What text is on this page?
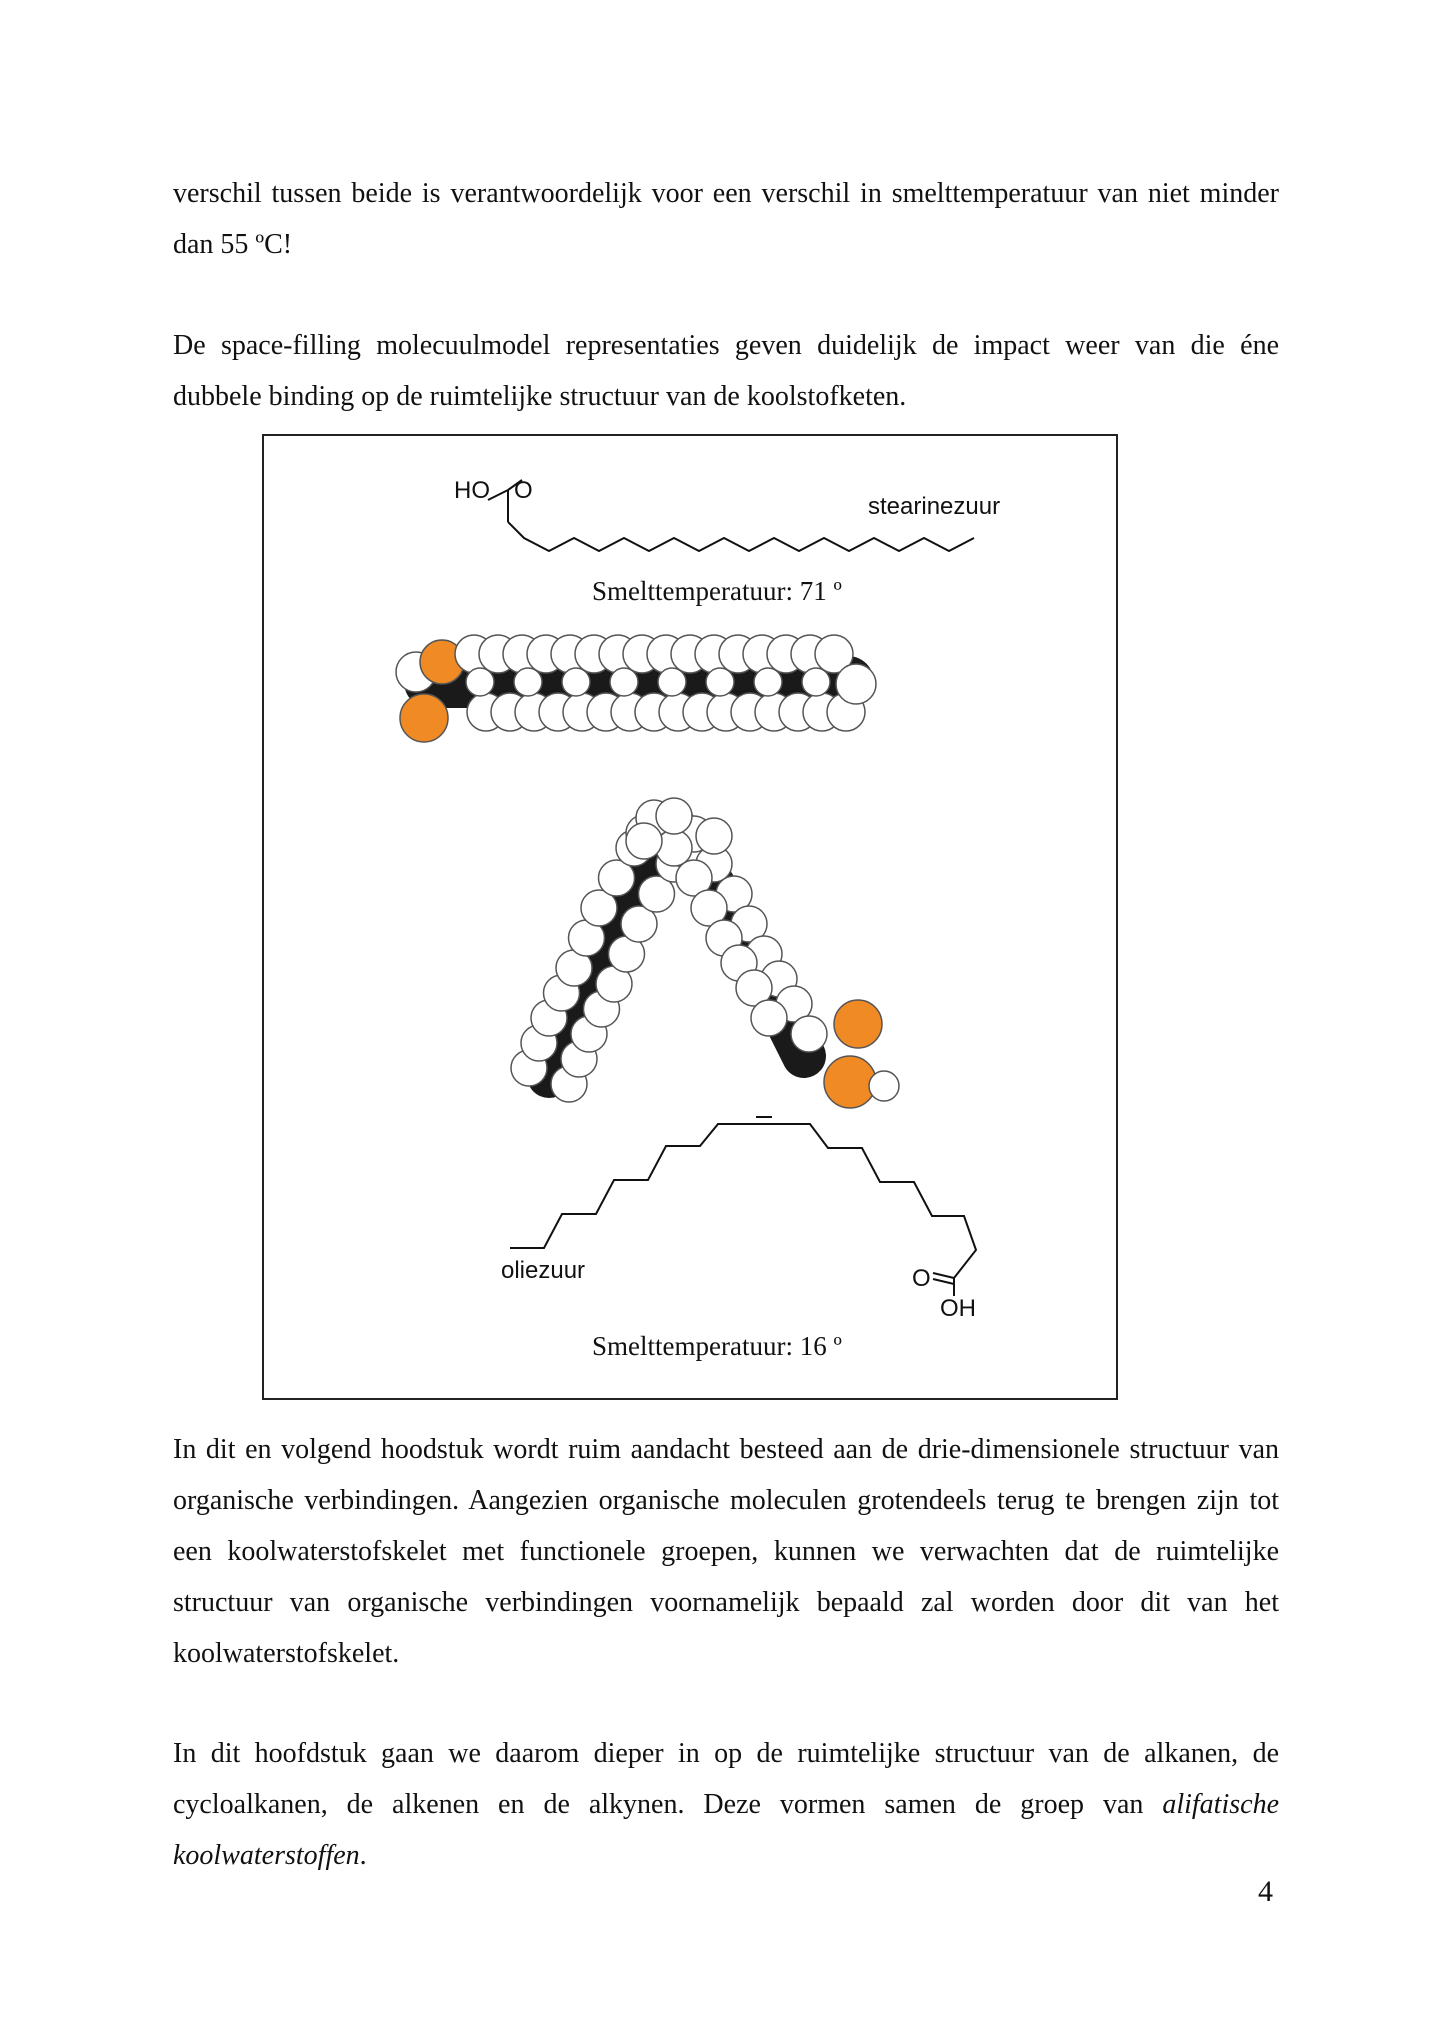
verschil tussen beide is verantwoordelijk voor een verschil in smelttemperatuur van niet minder dan 55 ºC!

De space-filling molecuulmodel representaties geven duidelijk de impact weer van die éne dubbele binding op de ruimtelijke structuur van de koolstofketen.

HO O
stearinezuur
Smelttemperatuur: 71 º
oliezuur	O
OH
Smelttemperatuur: 16 º

In dit en volgend hoodstuk wordt ruim aandacht besteed aan de drie-dimensionele structuur van organische verbindingen. Aangezien organische moleculen grotendeels terug te brengen zijn tot een koolwaterstofskelet met functionele groepen, kunnen we verwachten dat de ruimtelijke structuur van organische verbindingen voornamelijk bepaald zal worden door dit van het koolwaterstofskelet.

In dit hoofdstuk gaan we daarom dieper in op de ruimtelijke structuur van de alkanen, de cycloalkanen, de alkenen en de alkynen. Deze vormen samen de groep van alifatische koolwaterstoffen.

4
